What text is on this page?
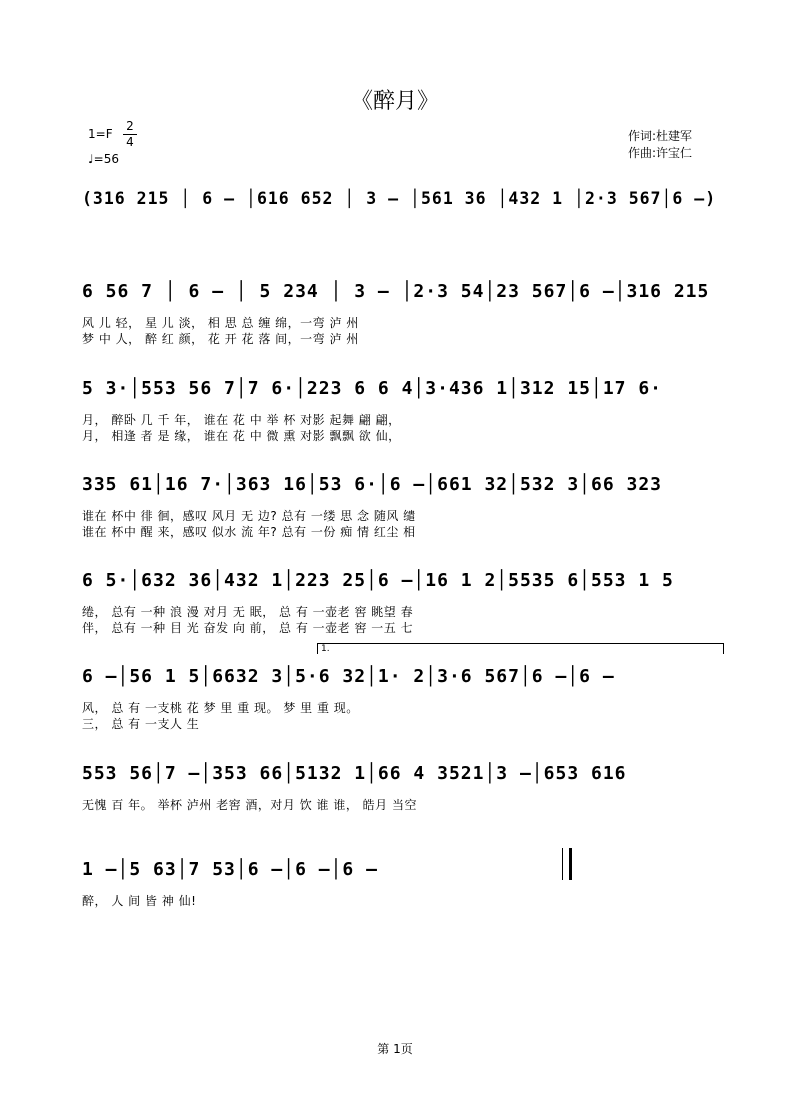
《醉月》
1=F
2
4
♩=56
作词:杜建军
作曲:许宝仁
(316 215 │ 6 – │616 652 │ 3 – │561 36 │432 1 │2·3 567│6 –)
6 56 7 │ 6 – │ 5 234 │ 3 – │2·3 54│23 567│6 –│316 215
风 儿 轻， 星 儿 淡， 相 思 总 缠 绵，一弯 泸 州
梦 中 人， 醉 红 颜， 花 开 花 落 间，一弯 泸 州
5 3·│553 56 7│7 6·│223 6 6 4│3·436 1│312 15│17 6·
月， 醉卧 几 千 年， 谁在 花 中 举 杯 对影 起舞 翩 翩，
月， 相逢 者 是 缘， 谁在 花 中 微 熏 对影 飘飘 欲 仙，
335 61│16 7·│363 16│53 6·│6 –│661 32│532 3│66 323
谁在 杯中 徘 徊，感叹 风月 无 边? 总有 一缕 思 念 随风 缱
谁在 杯中 醒 来，感叹 似水 流 年? 总有 一份 痴 情 红尘 相
6 5·│632 36│432 1│223 25│6 –│16 1 2│5535 6│553 1 5
绻， 总有 一种 浪 漫 对月 无 眠， 总 有 一壶老 窖 眺望 春
伴， 总有 一种 目 光 奋发 向 前， 总 有 一壶老 窖 一五 七
1.
6 –│56 1 5│6632 3│5·6 32│1· 2│3·6 567│6 –│6 –
风， 总 有 一支桃 花 梦 里 重 现。 梦 里 重 现。
三， 总 有 一支人 生
553 56│7 –│353 66│5132 1│66 4 3521│3 –│653 616
无愧 百 年。 举杯 泸州 老窖 酒，对月 饮 谁 谁， 皓月 当空
1 –│5 63│7 53│6 –│6 –│6 –
醉， 人 间 皆 神 仙!
第 1页
